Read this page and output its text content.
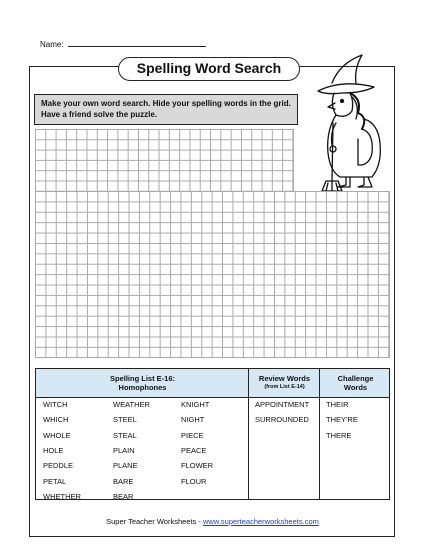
Name:
Spelling Word Search
Make your own word search. Hide your spelling words in the grid. Have a friend solve the puzzle.
Spelling List E-16:
Homophones
Review Words
(from List E-14)
Challenge
Words
WITCH
WHICH
WHOLE
HOLE
PEDDLE
PETAL
WHETHER
WEATHER
STEEL
STEAL
PLAIN
PLANE
BARE
BEAR
KNIGHT
NIGHT
PIECE
PEACE
FLOWER
FLOUR
APPOINTMENT
SURROUNDED
THEIR
THEY'RE
THERE
Super Teacher Worksheets - www.superteacherworksheets.com
